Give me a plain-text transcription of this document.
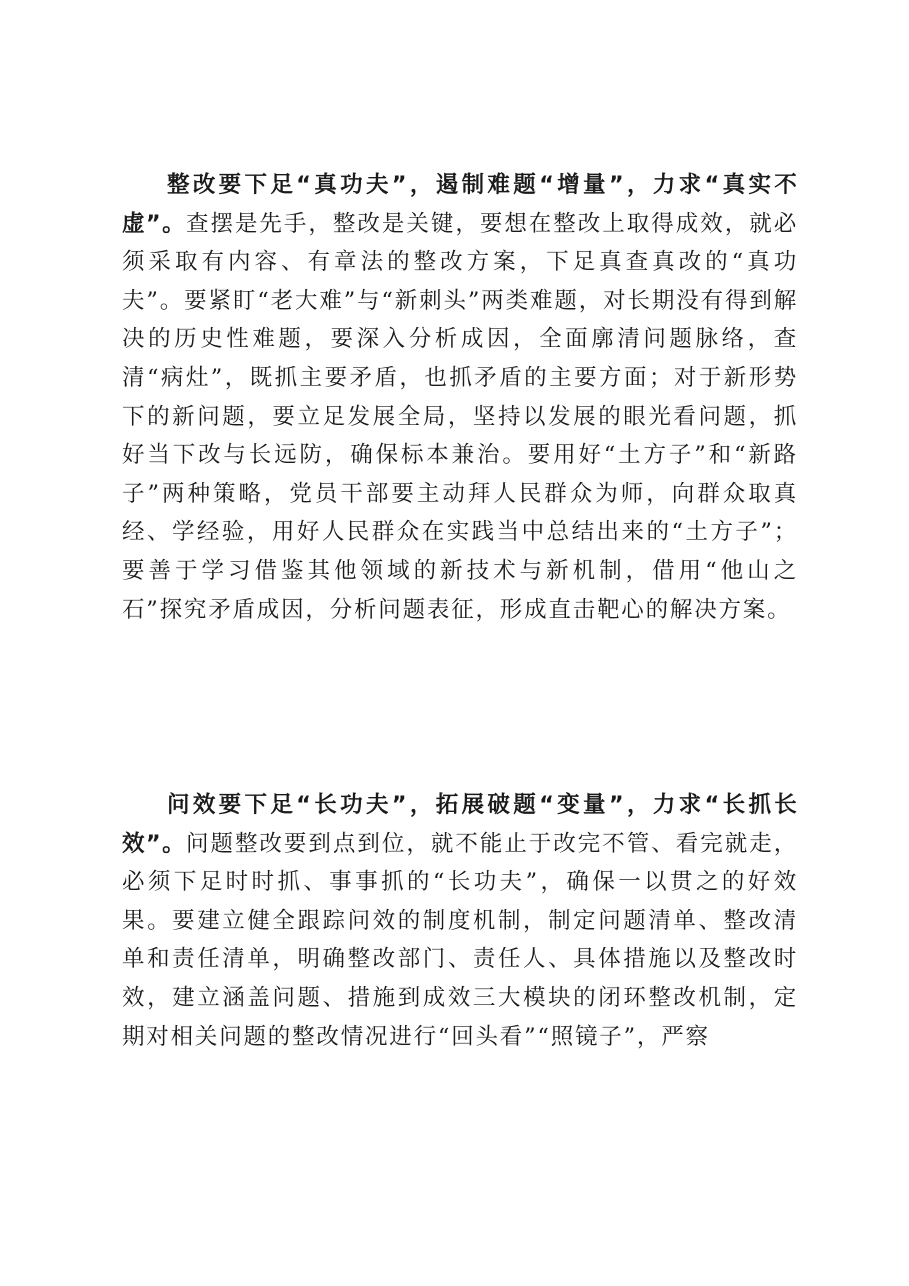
整改要下足“真功夫”，遏制难题“增量”，力求“真实不虚”。查摆是先手，整改是关键，要想在整改上取得成效，就必须采取有内容、有章法的整改方案，下足真查真改的“真功夫”。要紧盯“老大难”与“新刺头”两类难题，对长期没有得到解决的历史性难题，要深入分析成因，全面廓清问题脉络，查清“病灶”，既抓主要矛盾，也抓矛盾的主要方面；对于新形势下的新问题，要立足发展全局，坚持以发展的眼光看问题，抓好当下改与长远防，确保标本兼治。要用好“土方子”和“新路子”两种策略，党员干部要主动拜人民群众为师，向群众取真经、学经验，用好人民群众在实践当中总结出来的“土方子”；要善于学习借鉴其他领域的新技术与新机制，借用“他山之石”探究矛盾成因，分析问题表征，形成直击靶心的解决方案。

问效要下足“长功夫”，拓展破题“变量”，力求“长抓长效”。问题整改要到点到位，就不能止于改完不管、看完就走，必须下足时时抓、事事抓的“长功夫”，确保一以贯之的好效果。要建立健全跟踪问效的制度机制，制定问题清单、整改清单和责任清单，明确整改部门、责任人、具体措施以及整改时效，建立涵盖问题、措施到成效三大模块的闭环整改机制，定期对相关问题的整改情况进行“回头看”“照镜子”，严察
